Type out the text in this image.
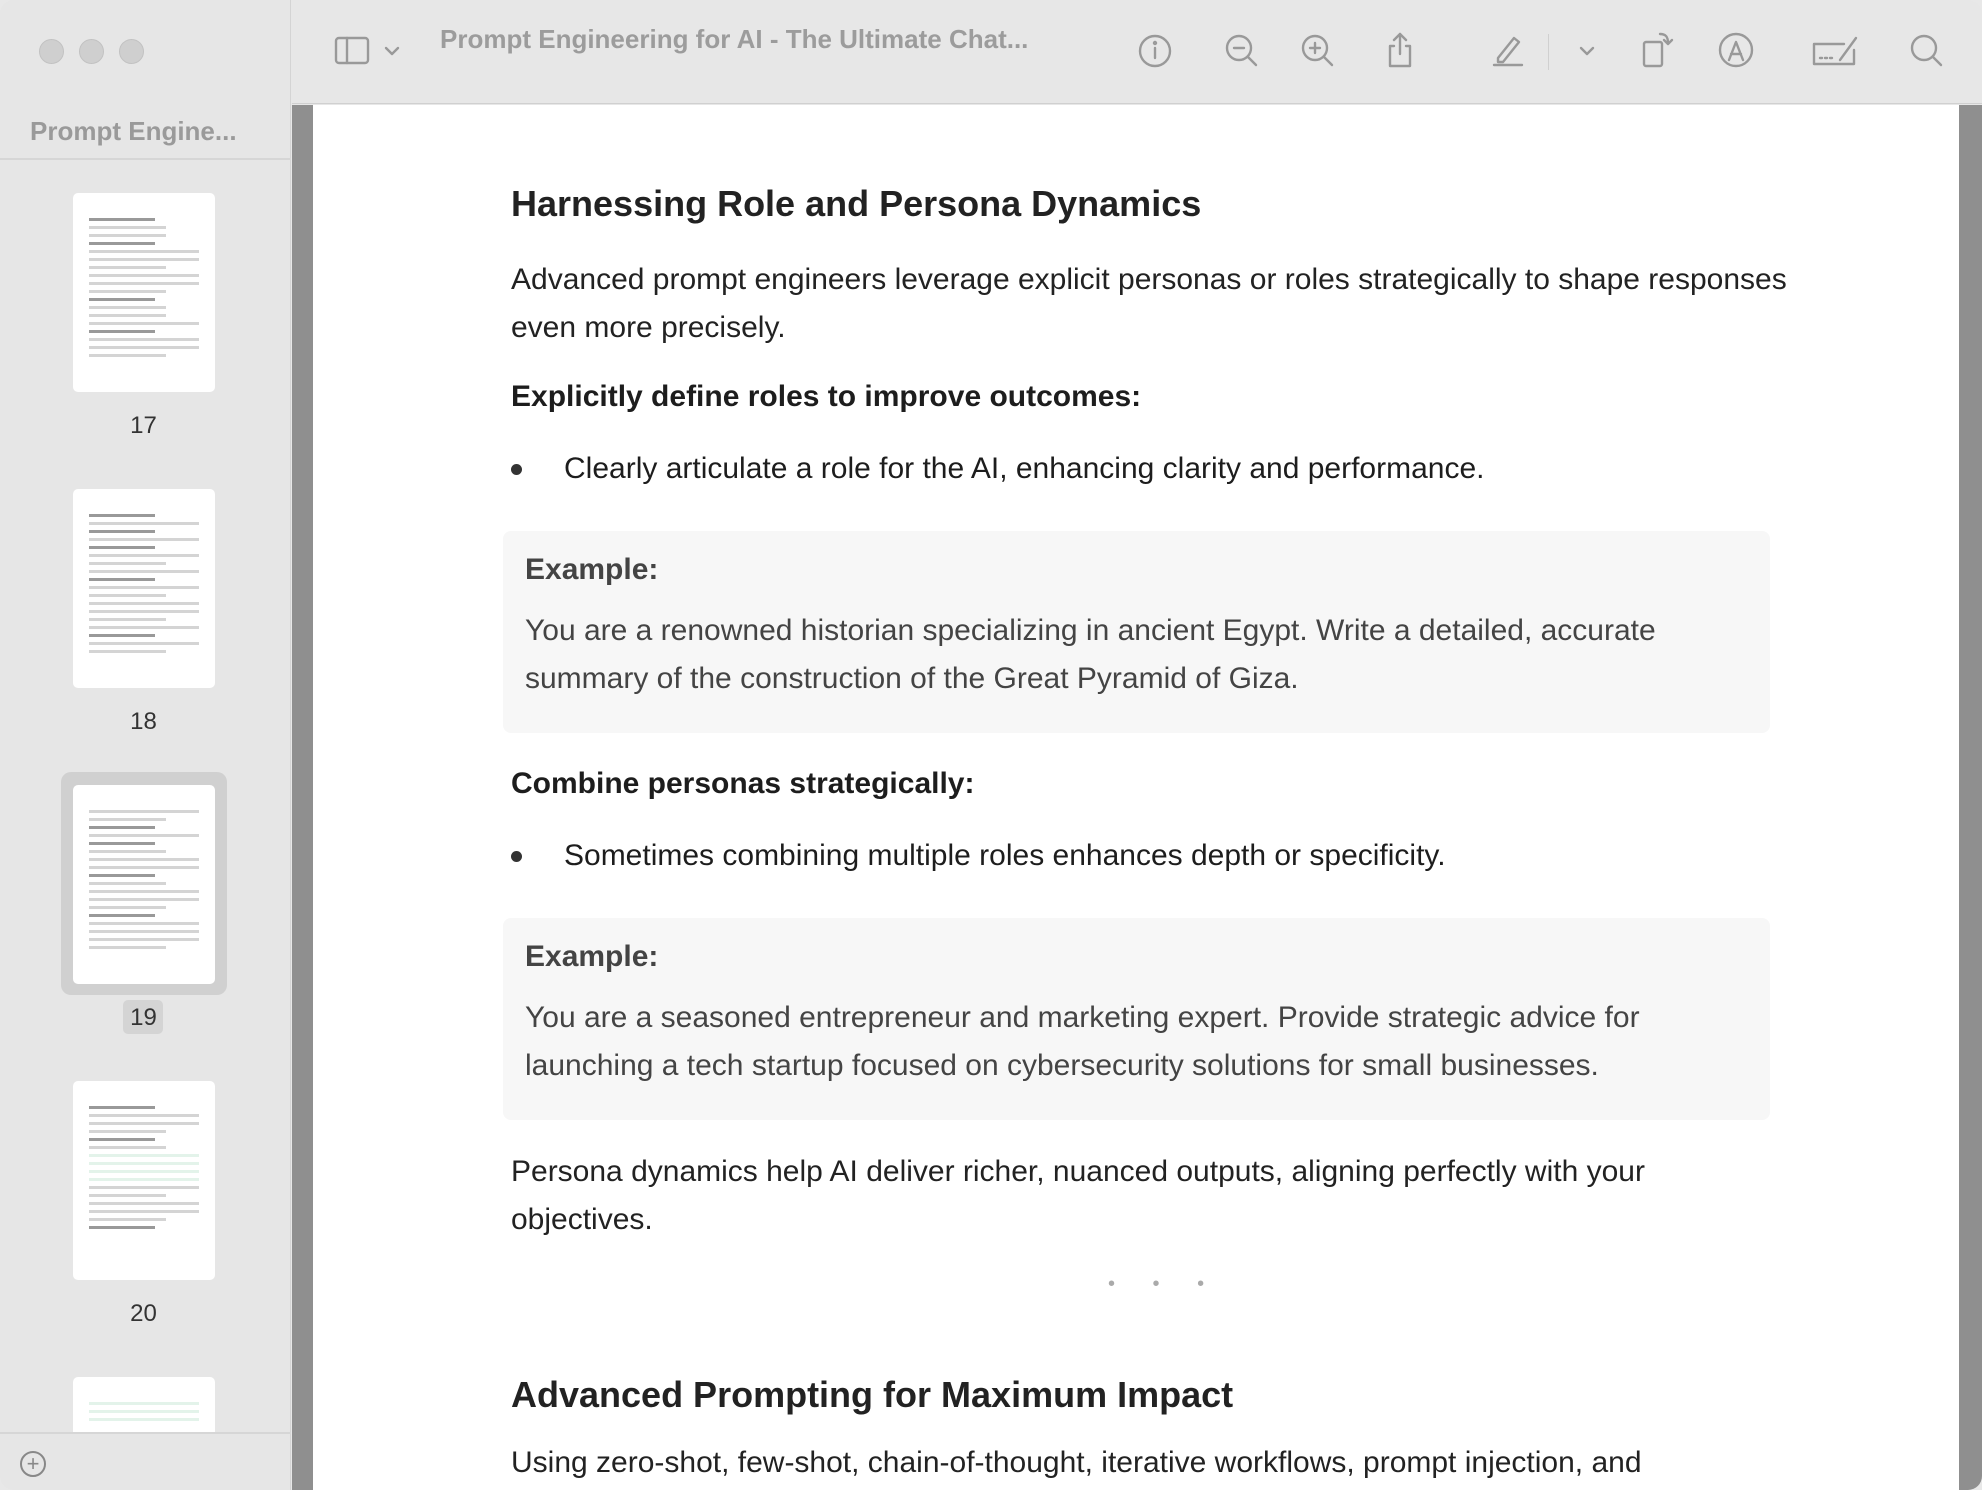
Prompt Engine...
17
18
19
20
+
Prompt Engineering for AI - The Ultimate Chat...
Harnessing Role and Persona Dynamics

Advanced prompt engineers leverage explicit personas or roles strategically to shape responses even more precisely.

Explicitly define roles to improve outcomes:
Clearly articulate a role for the AI, enhancing clarity and performance.
Example:
You are a renowned historian specializing in ancient Egypt. Write a detailed, accurate summary of the construction of the Great Pyramid of Giza.
Combine personas strategically:
Sometimes combining multiple roles enhances depth or specificity.
Example:
You are a seasoned entrepreneur and marketing expert. Provide strategic advice for launching a tech startup focused on cybersecurity solutions for small businesses.

Persona dynamics help AI deliver richer, nuanced outputs, aligning perfectly with your objectives.

• • •
Advanced Prompting for Maximum Impact

Using zero-shot, few-shot, chain-of-thought, iterative workflows, prompt injection, and
